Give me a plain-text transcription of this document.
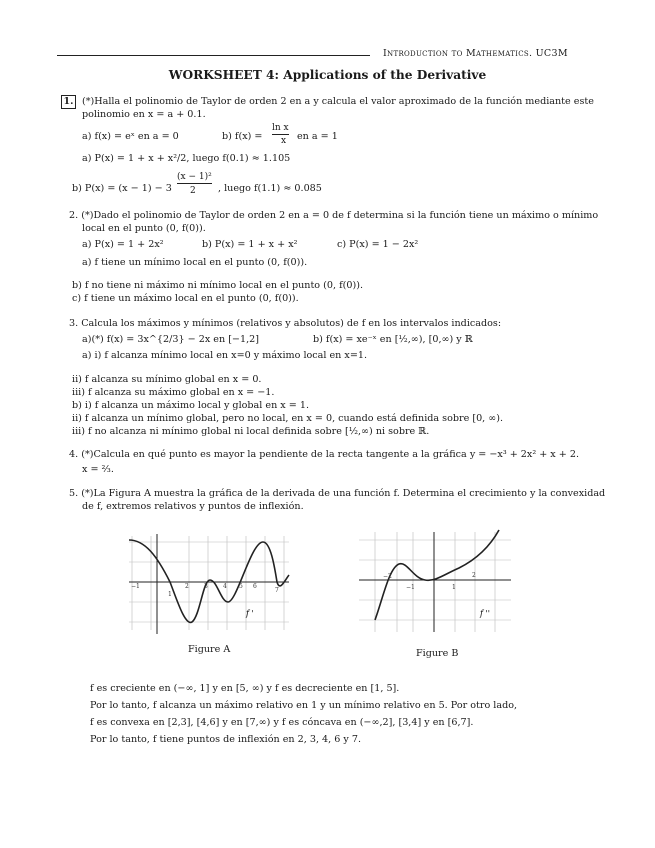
Introduction to Mathematics. UC3M
WORKSHEET 4: Applications of the Derivative
1. (*)Halla el polinomio de Taylor de orden 2 en a y calcula el valor aproximado de la función mediante este
polinomio en x = a + 0.1.
a) f(x) = eˣ en a = 0	b) f(x) =
ln x
x en a = 1
a) P(x) = 1 + x + x²/2, luego f(0.1) ≈ 1.105
b) P(x) = (x − 1) − 3
(x − 1)²
2 , luego f(1.1) ≈ 0.085
2. (*)Dado el polinomio de Taylor de orden 2 en a = 0 de f determina si la función tiene un máximo o mínimo
local en el punto (0, f(0)).
a) P(x) = 1 + 2x²	b) P(x) = 1 + x + x²	c) P(x) = 1 − 2x²
a) f tiene un mínimo local en el punto (0, f(0)).
b) f no tiene ni máximo ni mínimo local en el punto (0, f(0)).
c) f tiene un máximo local en el punto (0, f(0)).
3. Calcula los máximos y mínimos (relativos y absolutos) de f en los intervalos indicados:
a)(*) f(x) = 3x^{2/3} − 2x en [−1,2]	b) f(x) = xe⁻ˣ en [½,∞), [0,∞) y ℝ
a) i) f alcanza mínimo local en x=0 y máximo local en x=1.
ii) f alcanza su mínimo global en x = 0.
iii) f alcanza su máximo global en x = −1.
b) i) f alcanza un máximo local y global en x = 1.
ii) f alcanza un mínimo global, pero no local, en x = 0, cuando está definida sobre [0, ∞).
iii) f no alcanza ni mínimo global ni local definida sobre [½,∞) ni sobre ℝ.
4. (*)Calcula en qué punto es mayor la pendiente de la recta tangente a la gráfica y = −x³ + 2x² + x + 2.
x = ⅔.
5. (*)La Figura A muestra la gráfica de la derivada de una función f. Determina el crecimiento y la convexidad
de f, extremos relativos y puntos de inflexión.
−1
1
2	3	4 5 6
7
f '
Figure A
−2
−1	1
2
f ''
Figure B
f es creciente en (−∞, 1] y en [5, ∞) y f es decreciente en [1, 5].
Por lo tanto, f alcanza un máximo relativo en 1 y un mínimo relativo en 5. Por otro lado,
f es convexa en [2,3], [4,6] y en [7,∞) y f es cóncava en (−∞,2], [3,4] y en [6,7].
Por lo tanto, f tiene puntos de inflexión en 2, 3, 4, 6 y 7.
